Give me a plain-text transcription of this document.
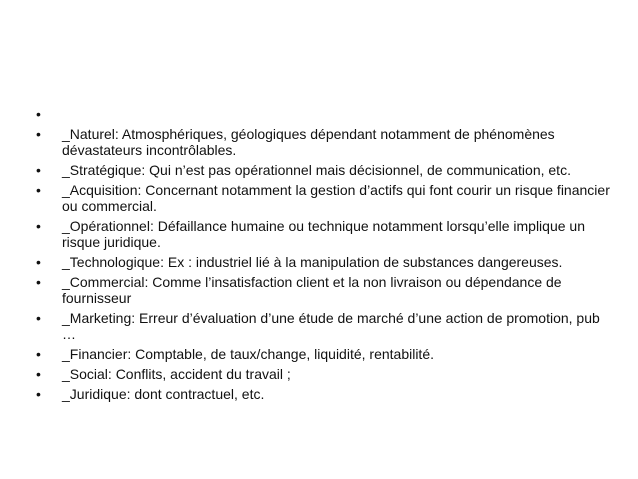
•
•	_Naturel: Atmosphériques, géologiques dépendant notamment de phénomènes dévastateurs incontrôlables.
•	_Stratégique: Qui n’est pas opérationnel mais décisionnel, de communication, etc.
•	_Acquisition: Concernant notamment la gestion d’actifs qui font courir un risque financier ou commercial.
•	_Opérationnel: Défaillance humaine ou technique notamment lorsqu’elle implique un risque juridique.
•	_Technologique: Ex : industriel lié à la manipulation de substances dangereuses.
•	_Commercial: Comme l’insatisfaction client et la non livraison ou dépendance de fournisseur
•	_Marketing: Erreur d’évaluation d’une étude de marché d’une action de promotion, pub …
•	_Financier: Comptable, de taux/change, liquidité, rentabilité.
•	_Social: Conflits, accident du travail ;
•	_Juridique: dont contractuel, etc.
